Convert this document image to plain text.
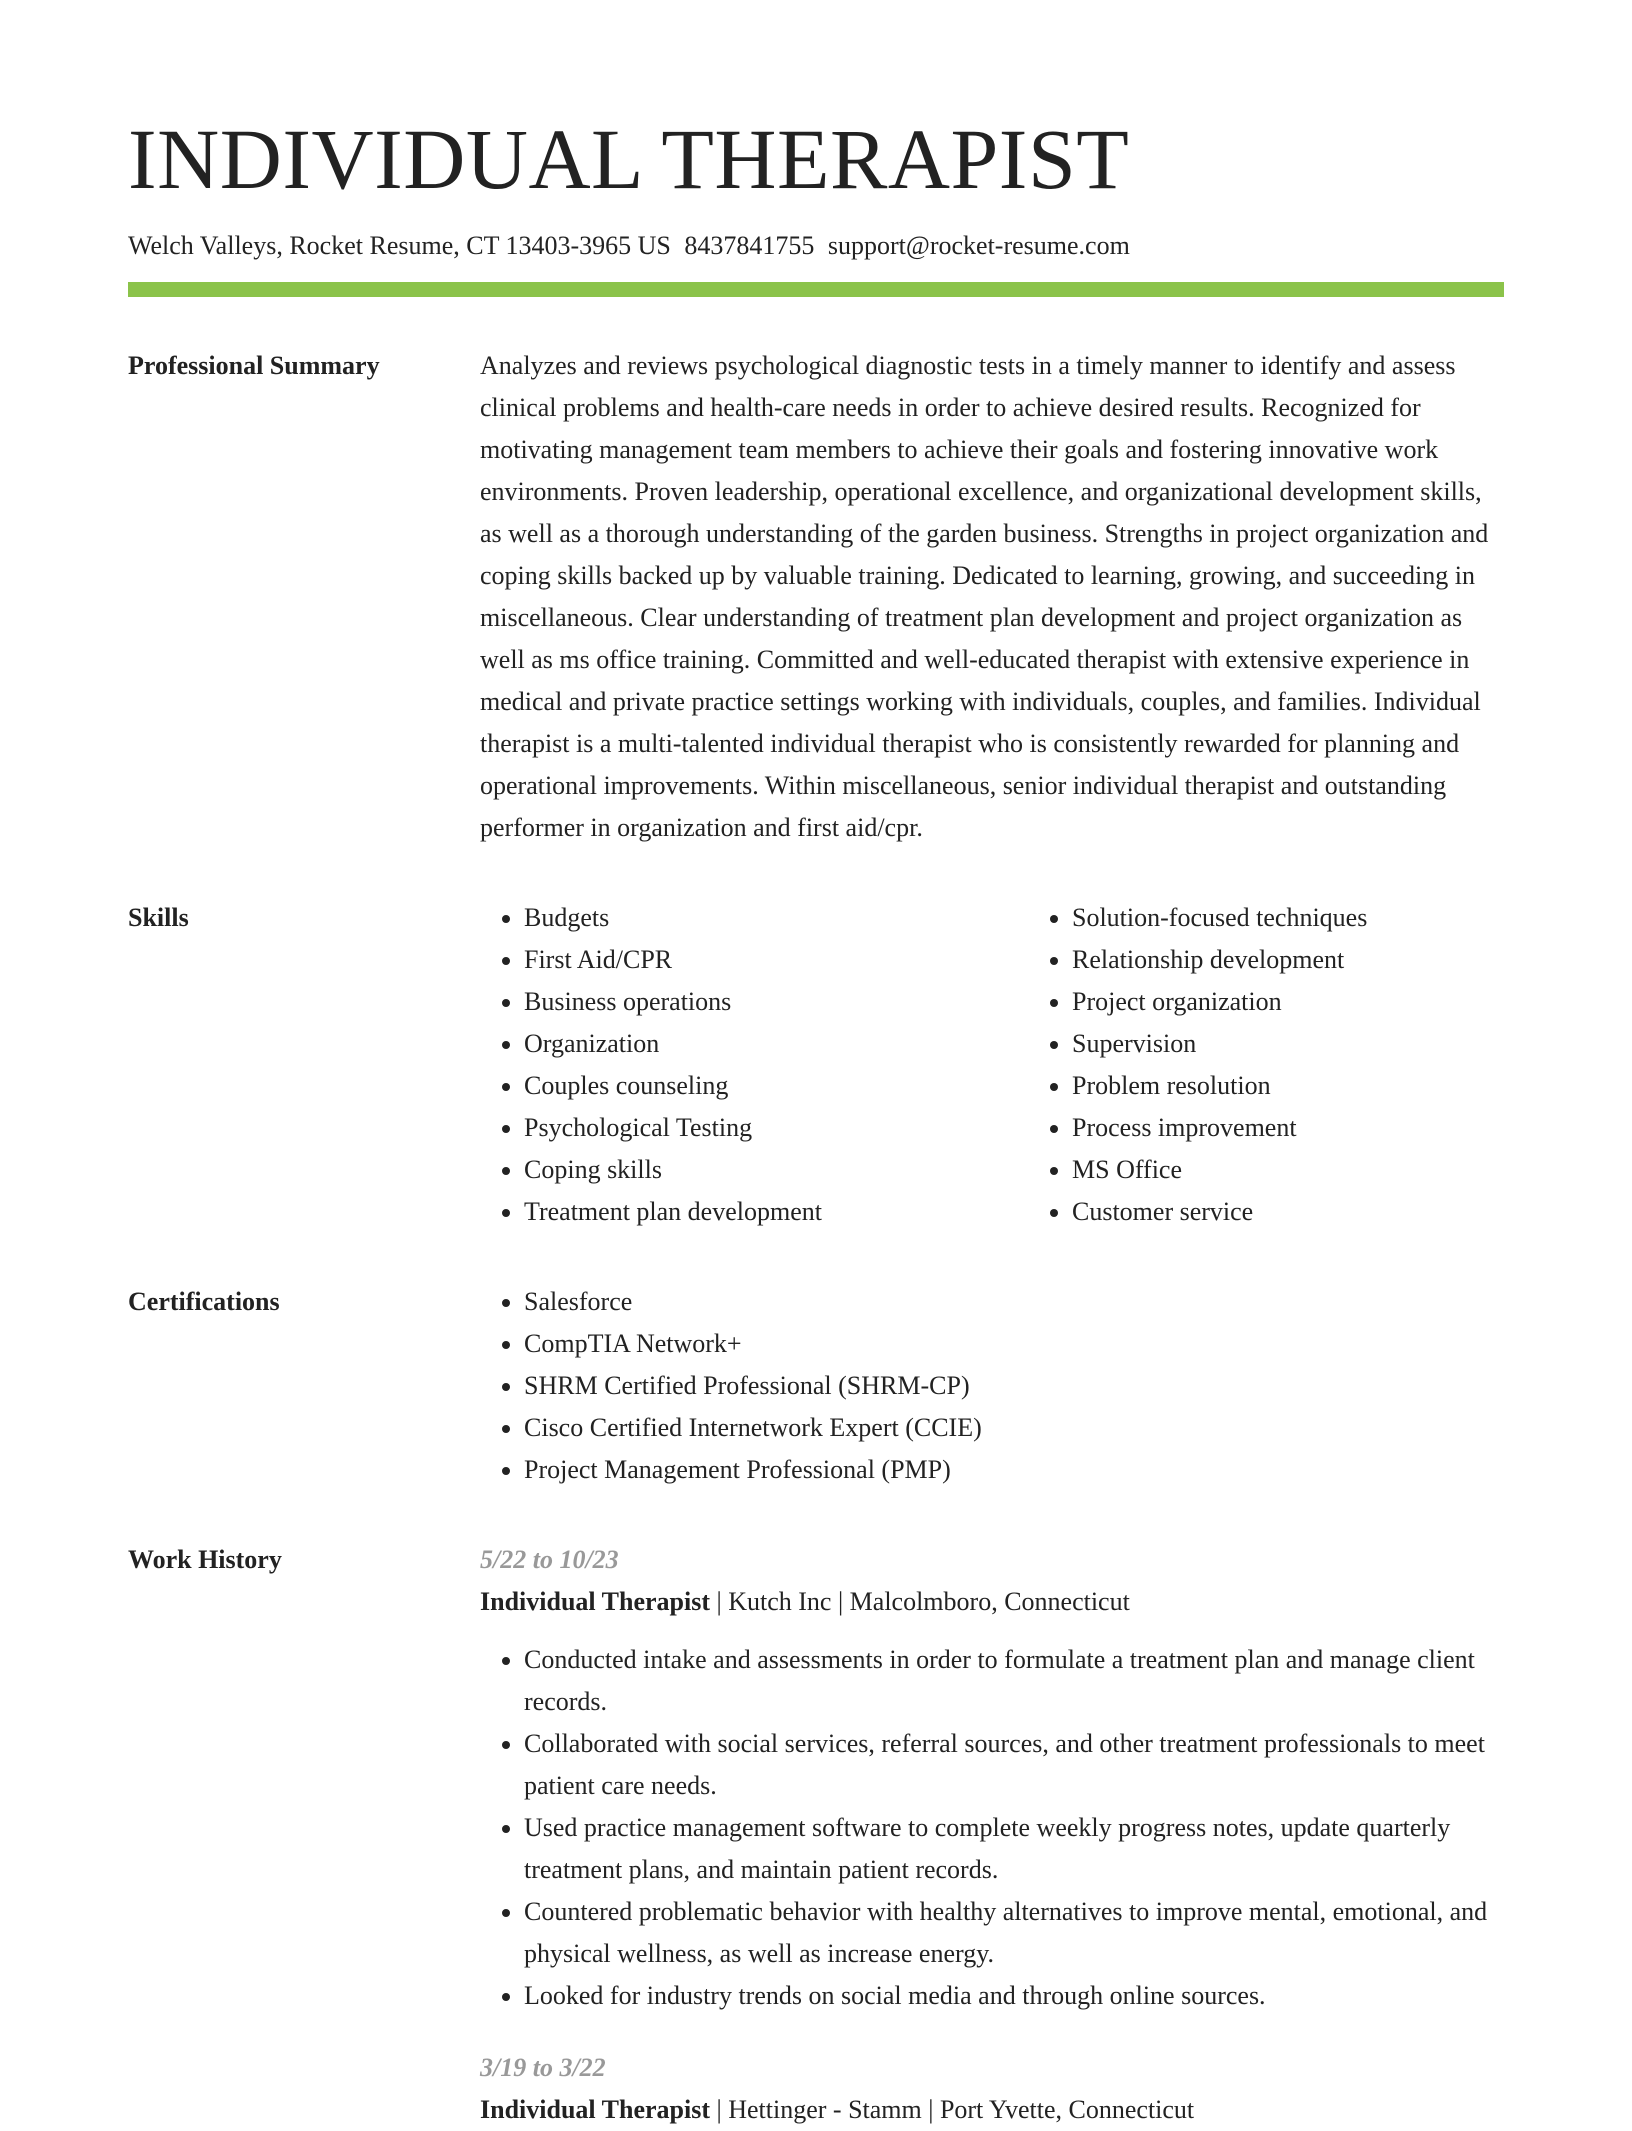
INDIVIDUAL THERAPIST
Welch Valleys, Rocket Resume, CT 13403-3965 US 8437841755 support@rocket-resume.com
Professional Summary	Analyzes and reviews psychological diagnostic tests in a timely manner to identify and assess clinical problems and health-care needs in order to achieve desired results. Recognized for motivating management team members to achieve their goals and fostering innovative work environments. Proven leadership, operational excellence, and organizational development skills, as well as a thorough understanding of the garden business. Strengths in project organization and coping skills backed up by valuable training. Dedicated to learning, growing, and succeeding in miscellaneous. Clear understanding of treatment plan development and project organization as well as ms office training. Committed and well-educated therapist with extensive experience in medical and private practice settings working with individuals, couples, and families. Individual therapist is a multi-talented individual therapist who is consistently rewarded for planning and operational improvements. Within miscellaneous, senior individual therapist and outstanding performer in organization and first aid/cpr.

Skills	• Budgets
• First Aid/CPR
• Business operations
• Organization
• Couples counseling
• Psychological Testing
• Coping skills
• Treatment plan development
• Solution-focused techniques
• Relationship development
• Project organization
• Supervision
• Problem resolution
• Process improvement
• MS Office
• Customer service
Certifications	• Salesforce
• CompTIA Network+
• SHRM Certified Professional (SHRM-CP)
• Cisco Certified Internetwork Expert (CCIE)
• Project Management Professional (PMP)
Work History	5/22 to 10/23
Individual Therapist | Kutch Inc | Malcolmboro, Connecticut
• Conducted intake and assessments in order to formulate a treatment plan and manage client records.
• Collaborated with social services, referral sources, and other treatment professionals to meet patient care needs.
• Used practice management software to complete weekly progress notes, update quarterly treatment plans, and maintain patient records.
• Countered problematic behavior with healthy alternatives to improve mental, emotional, and physical wellness, as well as increase energy.
• Looked for industry trends on social media and through online sources.
3/19 to 3/22
Individual Therapist | Hettinger - Stamm | Port Yvette, Connecticut
